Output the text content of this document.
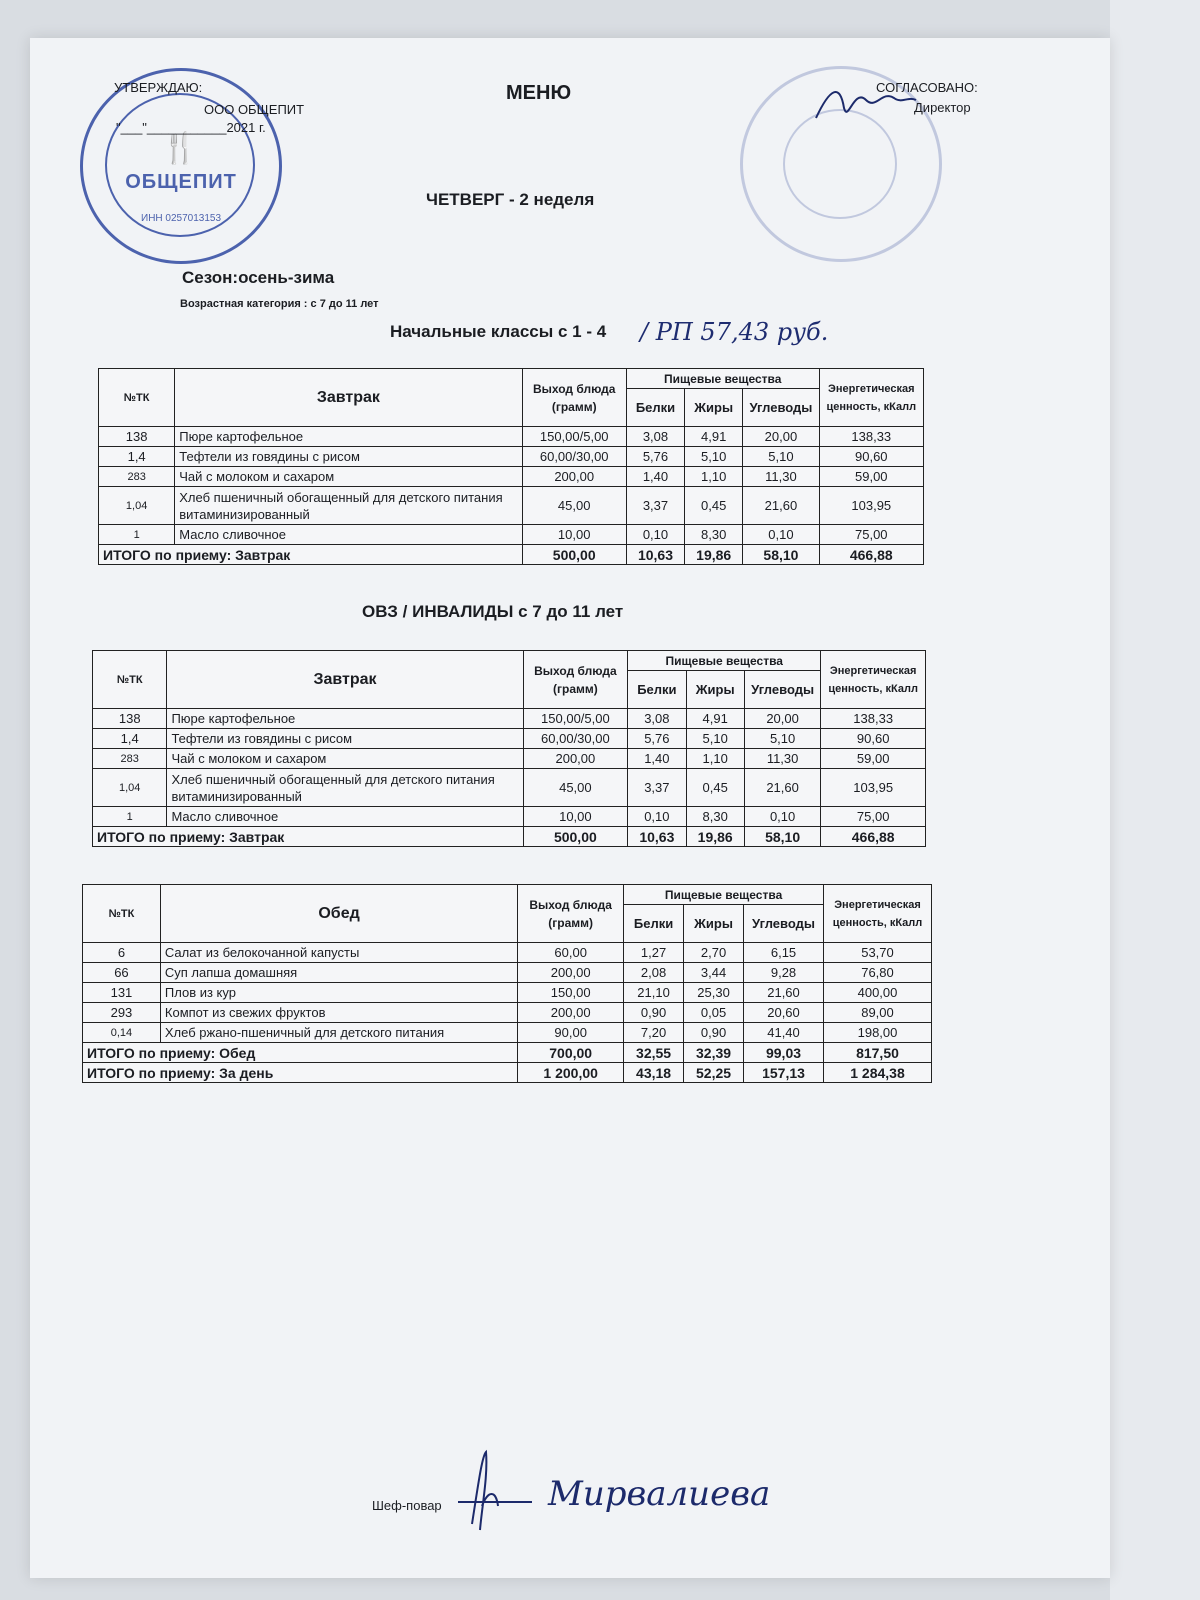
🍴
ОБЩЕПИТ
ИНН 0257013153
УТВЕРЖДАЮ:
ООО ОБЩЕПИТ
"___"___________2021 г.
МЕНЮ	СОГЛАСОВАНО:
Директор
ЧЕТВЕРГ - 2 неделя
Сезон:осень-зима
Возрастная категория : с 7 до 11 лет
Начальные классы с 1 - 4 / РП 57,43 руб.
№ТК	Завтрак	Выход блюда (грамм)	Пищевые вещества			Энергетическая ценность, кКалл
			Белки	Жиры	Углеводы	
138	Пюре картофельное	150,00/5,00	3,08	4,91	20,00	138,33
1,4	Тефтели из говядины с рисом	60,00/30,00	5,76	5,10	5,10	90,60
283	Чай с молоком и сахаром	200,00	1,40	1,10	11,30	59,00
1,04	Хлеб пшеничный обогащенный для детского питания витаминизированный	45,00	3,37	0,45	21,60	103,95
1	Масло сливочное	10,00	0,10	8,30	0,10	75,00
ИТОГО по приему: Завтрак		500,00	10,63	19,86	58,10	466,88
ОВЗ / ИНВАЛИДЫ с 7 до 11 лет
№ТК	Завтрак	Выход блюда (грамм)	Пищевые вещества			Энергетическая ценность, кКалл
			Белки	Жиры	Углеводы	
138	Пюре картофельное	150,00/5,00	3,08	4,91	20,00	138,33
1,4	Тефтели из говядины с рисом	60,00/30,00	5,76	5,10	5,10	90,60
283	Чай с молоком и сахаром	200,00	1,40	1,10	11,30	59,00
1,04	Хлеб пшеничный обогащенный для детского питания витаминизированный	45,00	3,37	0,45	21,60	103,95
1	Масло сливочное	10,00	0,10	8,30	0,10	75,00
ИТОГО по приему: Завтрак		500,00	10,63	19,86	58,10	466,88
№ТК	Обед	Выход блюда (грамм)	Пищевые вещества			Энергетическая ценность, кКалл
			Белки	Жиры	Углеводы	
6	Салат из белокочанной капусты	60,00	1,27	2,70	6,15	53,70
66	Суп лапша домашняя	200,00	2,08	3,44	9,28	76,80
131	Плов из кур	150,00	21,10	25,30	21,60	400,00
293	Компот из свежих фруктов	200,00	0,90	0,05	20,60	89,00
0,14	Хлеб ржано-пшеничный для детского питания	90,00	7,20	0,90	41,40	198,00
ИТОГО по приему: Обед		700,00	32,55	32,39	99,03	817,50
ИТОГО по приему: За день		1 200,00	43,18	52,25	157,13	1 284,38
Шеф-повар	Мирвалиева
